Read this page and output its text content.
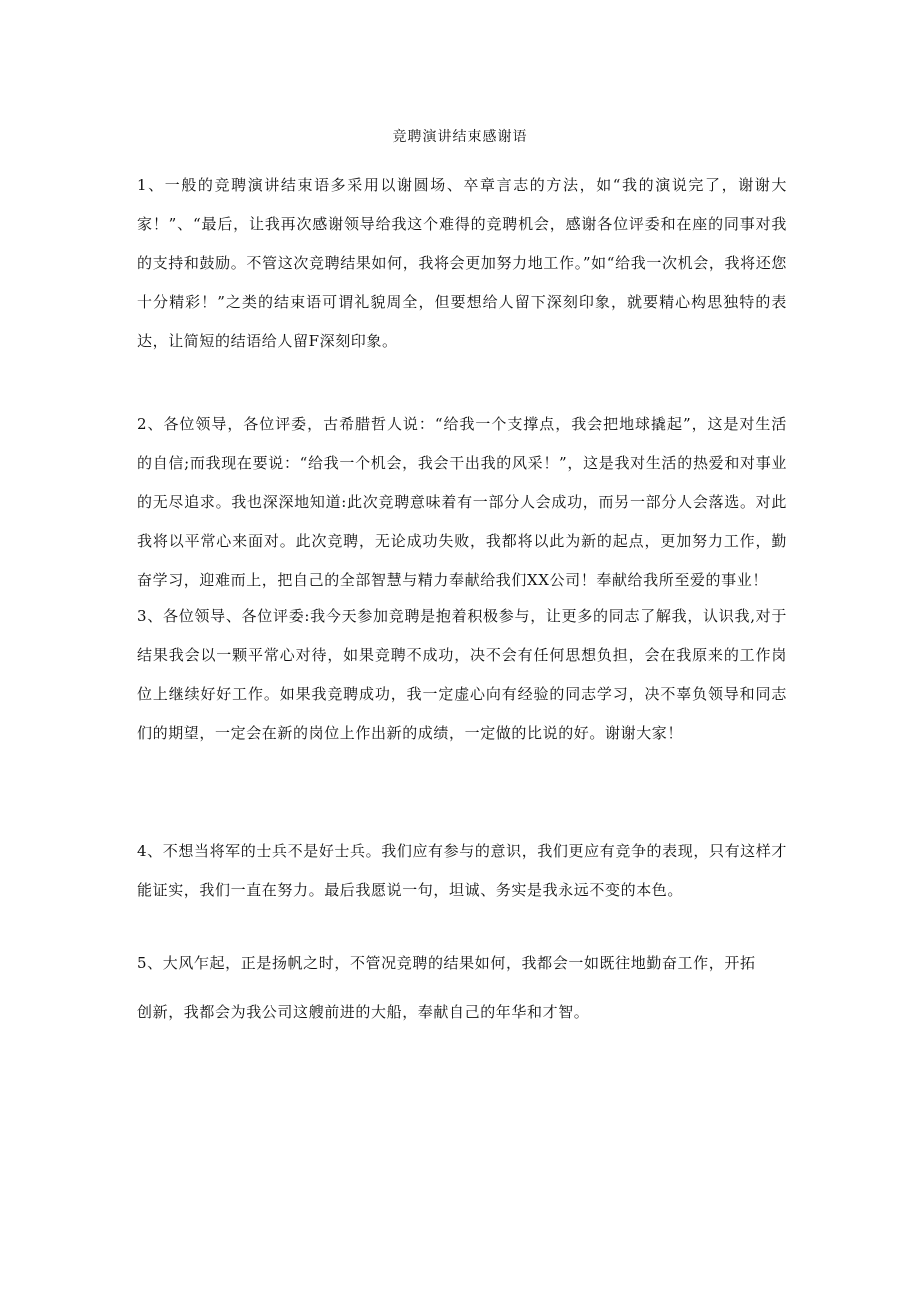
竞聘演讲结束感谢语

1、一般的竞聘演讲结束语多采用以谢圆场、卒章言志的方法，如“我的演说完了，谢谢大家！”、“最后，让我再次感谢领导给我这个难得的竞聘机会，感谢各位评委和在座的同事对我的支持和鼓励。不管这次竞聘结果如何，我将会更加努力地工作。”如“给我一次机会，我将还您十分精彩！”之类的结束语可谓礼貌周全，但要想给人留下深刻印象，就要精心构思独特的表达，让简短的结语给人留F深刻印象。

2、各位领导，各位评委，古希腊哲人说：“给我一个支撑点，我会把地球撬起”，这是对生活的自信;而我现在要说：“给我一个机会，我会干出我的风采！”，这是我对生活的热爱和对事业的无尽追求。我也深深地知道:此次竞聘意味着有一部分人会成功，而另一部分人会落选。对此我将以平常心来面对。此次竞聘，无论成功失败，我都将以此为新的起点，更加努力工作，勤奋学习，迎难而上，把自己的全部智慧与精力奉献给我们XX公司！奉献给我所至爱的事业！

3、各位领导、各位评委:我今天参加竞聘是抱着积极参与，让更多的同志了解我，认识我,对于结果我会以一颗平常心对待，如果竞聘不成功，决不会有任何思想负担，会在我原来的工作岗位上继续好好工作。如果我竞聘成功，我一定虚心向有经验的同志学习，决不辜负领导和同志们的期望，一定会在新的岗位上作出新的成绩，一定做的比说的好。谢谢大家！

4、不想当将军的士兵不是好士兵。我们应有参与的意识，我们更应有竞争的表现，只有这样才能证实，我们一直在努力。最后我愿说一句，坦诚、务实是我永远不变的本色。

5、大风乍起，正是扬帆之时，不管况竞聘的结果如何，我都会一如既往地勤奋工作，开拓
创新，我都会为我公司这艘前进的大船，奉献自己的年华和才智。
